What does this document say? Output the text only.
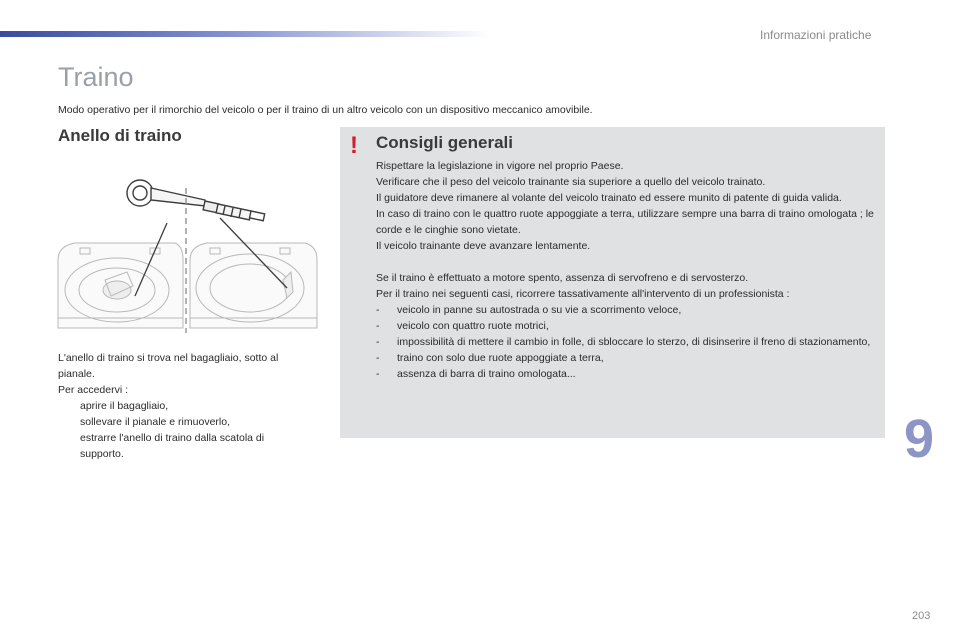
Informazioni pratiche
Traino
Modo operativo per il rimorchio del veicolo o per il traino di un altro veicolo con un dispositivo meccanico amovibile.
Anello di traino

L'anello di traino si trova nel bagagliaio, sotto al pianale.

Per accedervi :

aprire il bagagliaio,
sollevare il pianale e rimuoverlo,
estrarre l'anello di traino dalla scatola di supporto.
! Consigli generali

Rispettare la legislazione in vigore nel proprio Paese.

Verificare che il peso del veicolo trainante sia superiore a quello del veicolo trainato.

Il guidatore deve rimanere al volante del veicolo trainato ed essere munito di patente di guida valida.

In caso di traino con le quattro ruote appoggiate a terra, utilizzare sempre una barra di traino omologata ; le corde e le cinghie sono vietate.

Il veicolo trainante deve avanzare lentamente.

Se il traino è effettuato a motore spento, assenza di servofreno e di servosterzo.

Per il traino nei seguenti casi, ricorrere tassativamente all'intervento di un professionista :

- veicolo in panne su autostrada o su vie a scorrimento veloce,
- veicolo con quattro ruote motrici,
- impossibilità di mettere il cambio in folle, di sbloccare lo sterzo, di disinserire il freno di stazionamento,
- traino con solo due ruote appoggiate a terra,
- assenza di barra di traino omologata...
9
203
